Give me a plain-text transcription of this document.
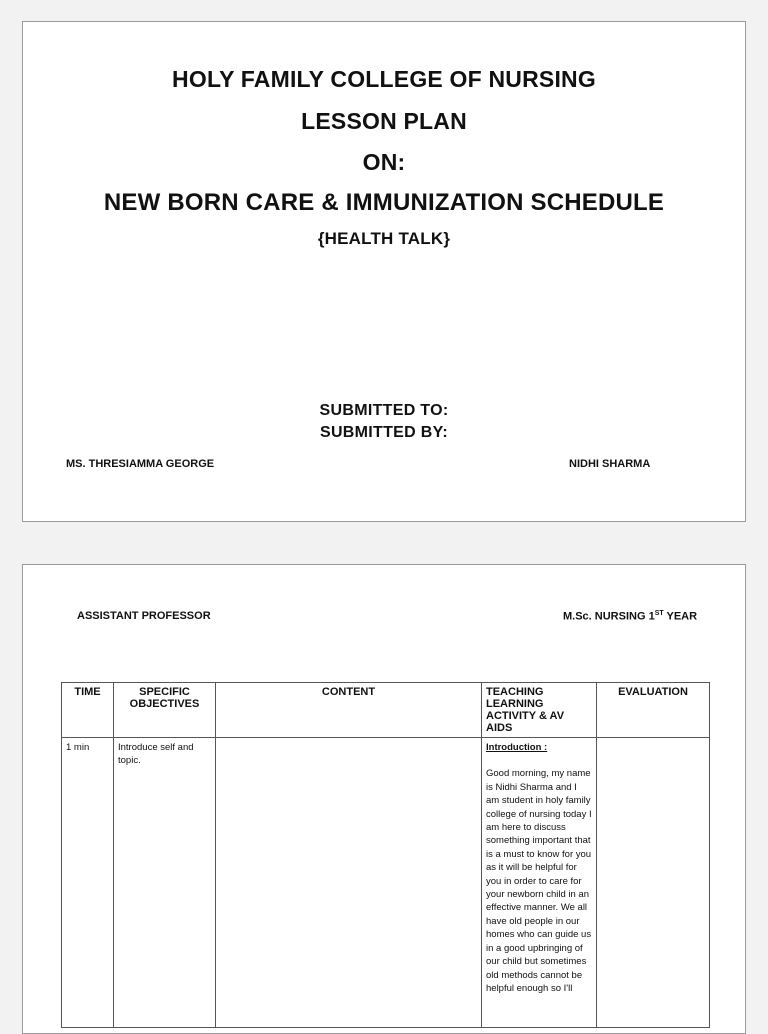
HOLY FAMILY COLLEGE OF NURSING
LESSON PLAN
ON:
NEW BORN CARE & IMMUNIZATION SCHEDULE
{HEALTH TALK}
SUBMITTED TO:
SUBMITTED BY:
MS. THRESIAMMA GEORGE	NIDHI SHARMA
ASSISTANT PROFESSOR	M.Sc. NURSING 1ST YEAR
TIME	SPECIFIC OBJECTIVES	CONTENT	TEACHING LEARNING ACTIVITY & AV AIDS	EVALUATION
1 min	Introduce self and topic.		Introduction :
Good morning, my name is Nidhi Sharma and I am student in holy family college of nursing today I am here to discuss something important that is a must to know for you as it will be helpful for you in order to care for your newborn child in an effective manner. We all have old people in our homes who can guide us in a good upbringing of our child but sometimes old methods cannot be helpful enough so I'll	
